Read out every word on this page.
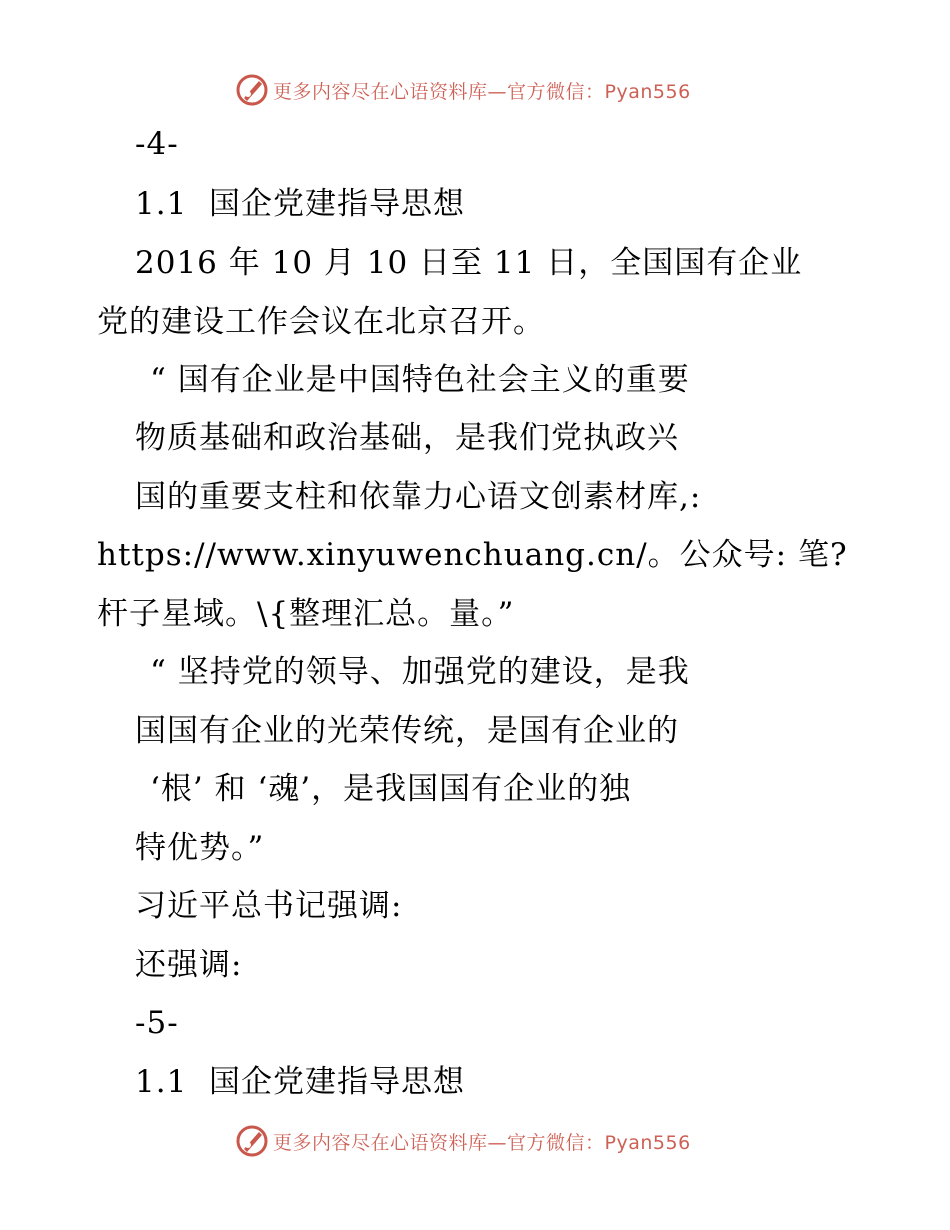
更多内容尽在心语资料库—官方微信：Pyan556
-4-
1.1  国企党建指导思想
2016 年 10 月 10 日至 11 日，全国国有企业
党的建设工作会议在北京召开。
“ 国有企业是中国特色社会主义的重要
物质基础和政治基础，是我们党执政兴
国的重要支柱和依靠力心语文创素材库,:
https://www.xinyuwenchuang.cn/。公众号: 笔?
杆子星域。\{整理汇总。量。”
“ 坚持党的领导、加强党的建设，是我
国国有企业的光荣传统，是国有企业的
‘根’ 和 ‘魂’，是我国国有企业的独
特优势。”
习近平总书记强调:
还强调:
-5-
1.1  国企党建指导思想
更多内容尽在心语资料库—官方微信：Pyan556
